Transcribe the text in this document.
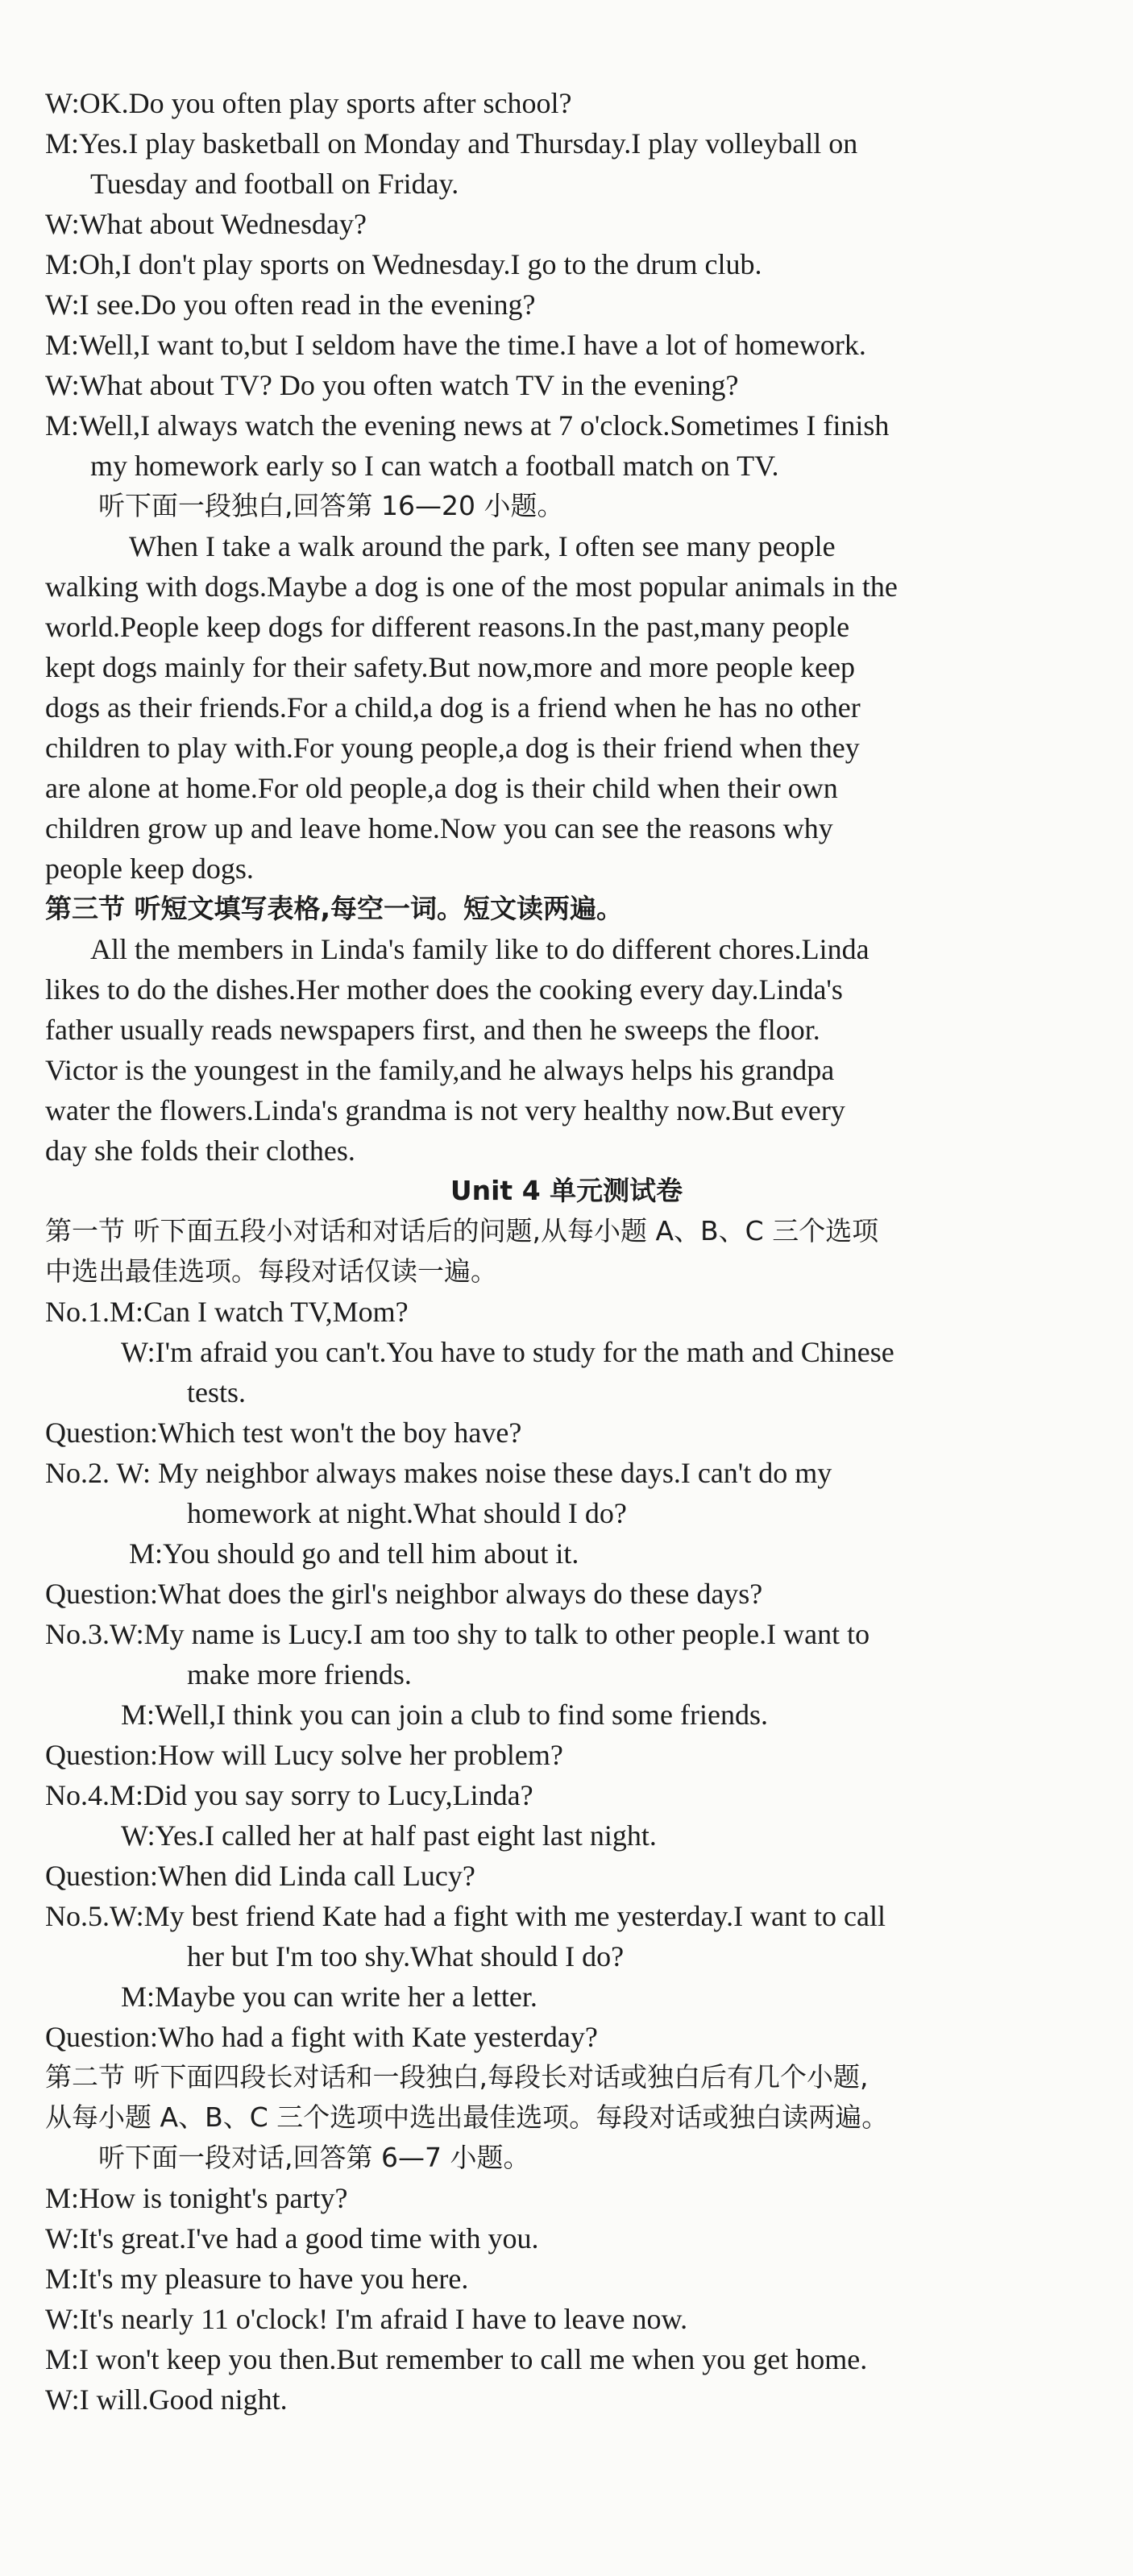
W:OK.Do you often play sports after school?
M:Yes.I play basketball on Monday and Thursday.I play volleyball on
Tuesday and football on Friday.
W:What about Wednesday?
M:Oh,I don't play sports on Wednesday.I go to the drum club.
W:I see.Do you often read in the evening?
M:Well,I want to,but I seldom have the time.I have a lot of homework.
W:What about TV? Do you often watch TV in the evening?
M:Well,I always watch the evening news at 7 o'clock.Sometimes I finish
my homework early so I can watch a football match on TV.
听下面一段独白,回答第 16—20 小题。
When I take a walk around the park, I often see many people
walking with dogs.Maybe a dog is one of the most popular animals in the
world.People keep dogs for different reasons.In the past,many people
kept dogs mainly for their safety.But now,more and more people keep
dogs as their friends.For a child,a dog is a friend when he has no other
children to play with.For young people,a dog is their friend when they
are alone at home.For old people,a dog is their child when their own
children grow up and leave home.Now you can see the reasons why
people keep dogs.
第三节 听短文填写表格,每空一词。短文读两遍。
All the members in Linda's family like to do different chores.Linda
likes to do the dishes.Her mother does the cooking every day.Linda's
father usually reads newspapers first, and then he sweeps the floor.
Victor is the youngest in the family,and he always helps his grandpa
water the flowers.Linda's grandma is not very healthy now.But every
day she folds their clothes.
Unit 4 单元测试卷
第一节 听下面五段小对话和对话后的问题,从每小题 A、B、C 三个选项
中选出最佳选项。每段对话仅读一遍。
No.1.M:Can I watch TV,Mom?
W:I'm afraid you can't.You have to study for the math and Chinese
tests.
Question:Which test won't the boy have?
No.2. W: My neighbor always makes noise these days.I can't do my
homework at night.What should I do?
M:You should go and tell him about it.
Question:What does the girl's neighbor always do these days?
No.3.W:My name is Lucy.I am too shy to talk to other people.I want to
make more friends.
M:Well,I think you can join a club to find some friends.
Question:How will Lucy solve her problem?
No.4.M:Did you say sorry to Lucy,Linda?
W:Yes.I called her at half past eight last night.
Question:When did Linda call Lucy?
No.5.W:My best friend Kate had a fight with me yesterday.I want to call
her but I'm too shy.What should I do?
M:Maybe you can write her a letter.
Question:Who had a fight with Kate yesterday?
第二节 听下面四段长对话和一段独白,每段长对话或独白后有几个小题,
从每小题 A、B、C 三个选项中选出最佳选项。每段对话或独白读两遍。
听下面一段对话,回答第 6—7 小题。
M:How is tonight's party?
W:It's great.I've had a good time with you.
M:It's my pleasure to have you here.
W:It's nearly 11 o'clock! I'm afraid I have to leave now.
M:I won't keep you then.But remember to call me when you get home.
W:I will.Good night.
